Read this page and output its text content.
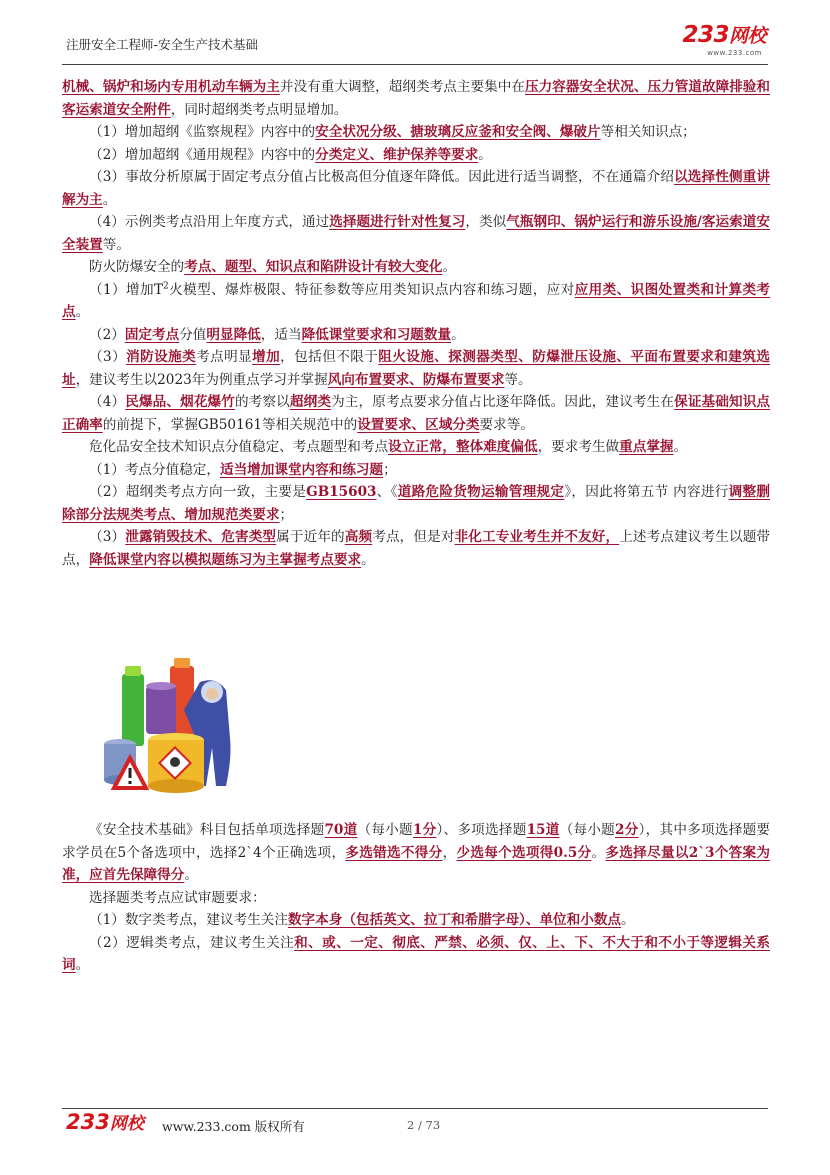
注册安全工程师-安全生产技术基础	233网校
www.233.com

机械、锅炉和场内专用机动车辆为主并没有重大调整，超纲类考点主要集中在压力容器安全状况、压力管道故障排验和客运索道安全附件，同时超纲类考点明显增加。

（1）增加超纲《监察规程》内容中的安全状况分级、搪玻璃反应釜和安全阀、爆破片等相关知识点；

（2）增加超纲《通用规程》内容中的分类定义、维护保养等要求。

（3）事故分析原属于固定考点分值占比极高但分值逐年降低。因此进行适当调整，不在通篇介绍以选择性侧重讲解为主。

（4）示例类考点沿用上年度方式，通过选择题进行针对性复习，类似气瓶钢印、锅炉运行和游乐设施/客运索道安全装置等。

防火防爆安全的考点、题型、知识点和陷阱设计有较大变化。

（1）增加$T^2$火模型、爆炸极限、特征参数等应用类知识点内容和练习题，应对应用类、识图处置类和计算类考点。

（2）固定考点分值明显降低，适当降低课堂要求和习题数量。

（3）消防设施类考点明显增加，包括但不限于阻火设施、探测器类型、防爆泄压设施、平面布置要求和建筑选址，建议考生以2023年为例重点学习并掌握风向布置要求、防爆布置要求等。

（4）民爆品、烟花爆竹的考察以超纲类为主，原考点要求分值占比逐年降低。因此，建议考生在保证基础知识点正确率的前提下，掌握GB50161等相关规范中的设置要求、区域分类要求等。

危化品安全技术知识点分值稳定、考点题型和考点设立正常，整体难度偏低，要求考生做重点掌握。

（1）考点分值稳定，适当增加课堂内容和练习题；

（2）超纲类考点方向一致，主要是GB15603、《道路危险货物运输管理规定》，因此将第五节 内容进行调整删除部分法规类考点、增加规范类要求；

（3）泄露销毁技术、危害类型属于近年的高频考点，但是对非化工专业考生并不友好，上述考点建议考生以题带点，降低课堂内容以模拟题练习为主掌握考点要求。

《安全技术基础》科目包括单项选择题70道（每小题1分）、多项选择题15道（每小题2分），其中多项选择题要求学员在5个备选项中，选择2`4个正确选项，多选错选不得分，少选每个选项得0.5分。多选择尽量以2`3个答案为准，应首先保障得分。

选择题类考点应试审题要求：

（1）数字类考点，建议考生关注数字本身（包括英文、拉丁和希腊字母）、单位和小数点。

（2）逻辑类考点，建议考生关注和、或、一定、彻底、严禁、必须、仅、上、下、不大于和不小于等逻辑关系词。

233网校 www.233.com 版权所有	2 / 73
